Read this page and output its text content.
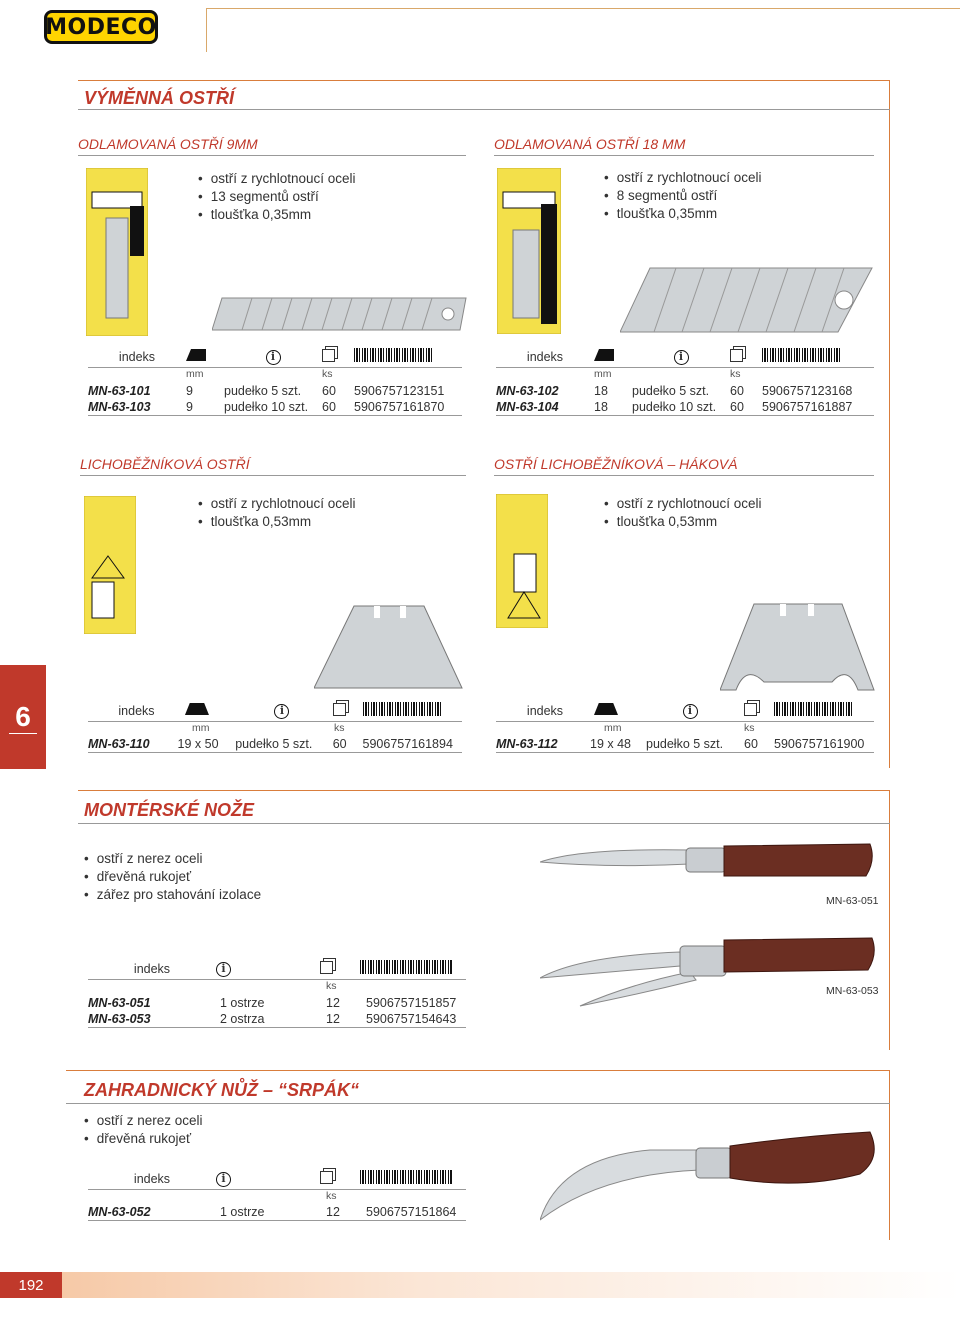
MODECO
VÝMĚNNÁ OSTŘÍ
ODLAMOVANÁ OSTŘÍ 9MM
• ostří z rychlotnoucí oceli
• 13 segmentů ostří
• tloušťka 0,35mm
indeks	i
mm	ks
MN-63-101	9	pudełko 5 szt.	60	5906757123151
MN-63-103	9	pudełko 10 szt.	60	5906757161870
ODLAMOVANÁ OSTŘÍ 18 MM
• ostří z rychlotnoucí oceli
• 8 segmentů ostří
• tloušťka 0,35mm
indeks	i
mm	ks
MN-63-102	18	pudełko 5 szt.	60	5906757123168
MN-63-104	18	pudełko 10 szt.	60	5906757161887
LICHOBĚŽNÍKOVÁ OSTŘÍ
• ostří z rychlotnoucí oceli
• tloušťka 0,53mm
indeks	i
mm	ks
MN-63-110	19 x 50	pudełko 5 szt.	60	5906757161894
OSTŘÍ LICHOBĚŽNÍKOVÁ – HÁKOVÁ
• ostří z rychlotnoucí oceli
• tloušťka 0,53mm
indeks	i
mm	ks
MN-63-112	19 x 48	pudełko 5 szt.	60	5906757161900
6
MONTÉRSKÉ NOŽE
• ostří z nerez oceli
• dřevěná rukojeť
• zářez pro stahování izolace	MN-63-051
MN-63-053
indeks	i
ks
MN-63-051	1 ostrze	12	5906757151857
MN-63-053	2 ostrza	12	5906757154643
ZAHRADNICKÝ NŮŽ – “SRPÁK“
• ostří z nerez oceli
• dřevěná rukojeť
indeks	i
ks
MN-63-052	1 ostrze	12	5906757151864
192
